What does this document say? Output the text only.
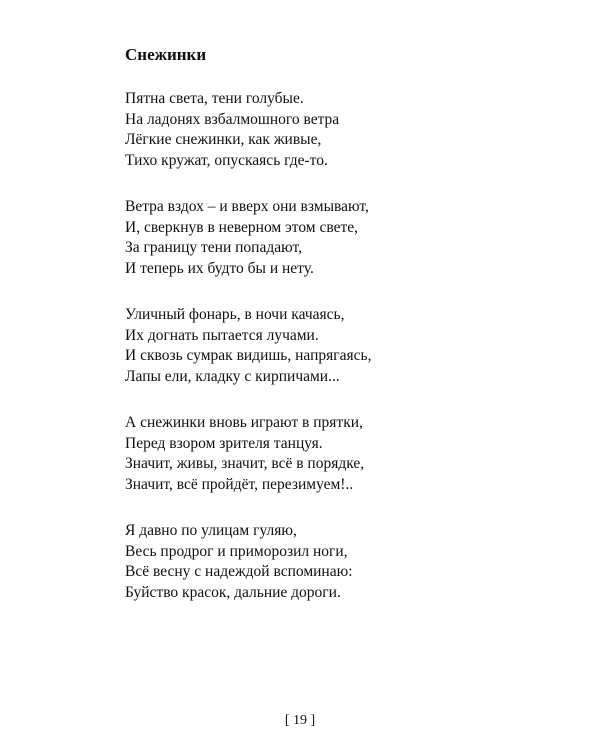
Снежинки
Пятна света, тени голубые.
На ладонях взбалмошного ветра
Лёгкие снежинки, как живые,
Тихо кружат, опускаясь где-то.
Ветра вздох – и вверх они взмывают,
И, сверкнув в неверном этом свете,
За границу тени попадают,
И теперь их будто бы и нету.
Уличный фонарь, в ночи качаясь,
Их догнать пытается лучами.
И сквозь сумрак видишь, напрягаясь,
Лапы ели, кладку с кирпичами...
А снежинки вновь играют в прятки,
Перед взором зрителя танцуя.
Значит, живы, значит, всё в порядке,
Значит, всё пройдёт, перезимуем!..
Я давно по улицам гуляю,
Весь продрог и приморозил ноги,
Всё весну с надеждой вспоминаю:
Буйство красок, дальние дороги.
[ 19 ]
